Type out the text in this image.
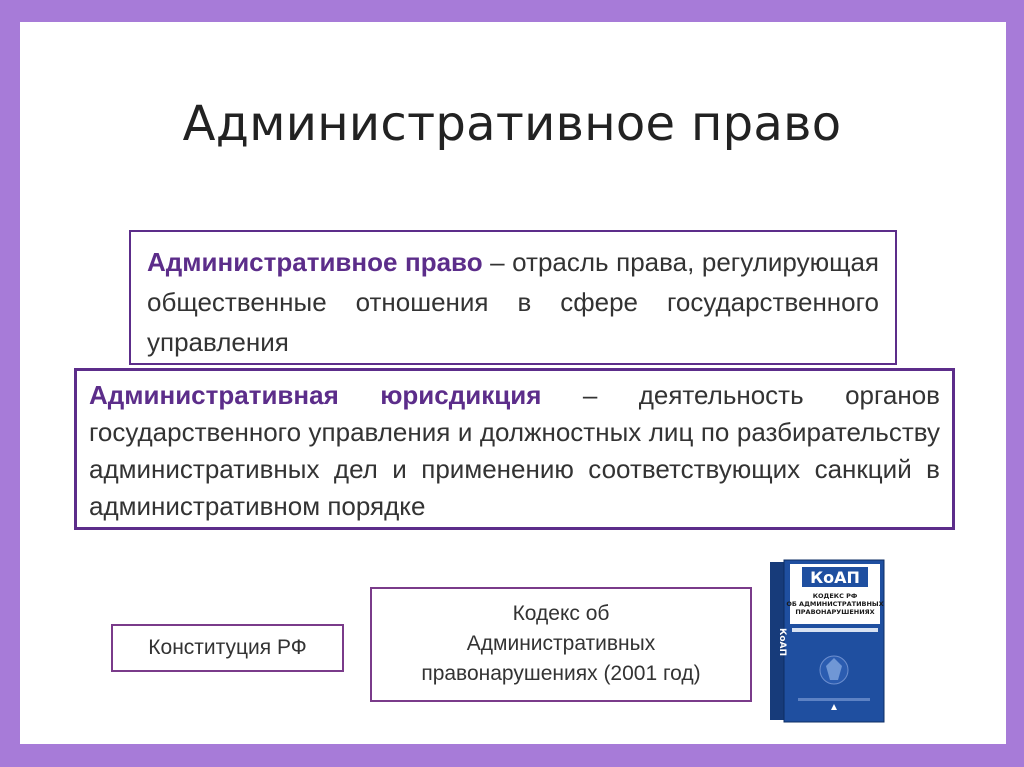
Административное право
Административное право – отрасль права, регулирующая общественные отношения в сфере государственного управления
Административная юрисдикция – деятельность органов государственного управления и должностных лиц по разбирательству административных дел и применению соответствующих санкций в административном порядке
Конституция РФ
Кодекс об
Административных
правонарушениях (2001 год)
КоАП
КОДЕКС РФ
ОБ АДМИНИСТРАТИВНЫХ
ПРАВОНАРУШЕНИЯХ
КоАП
